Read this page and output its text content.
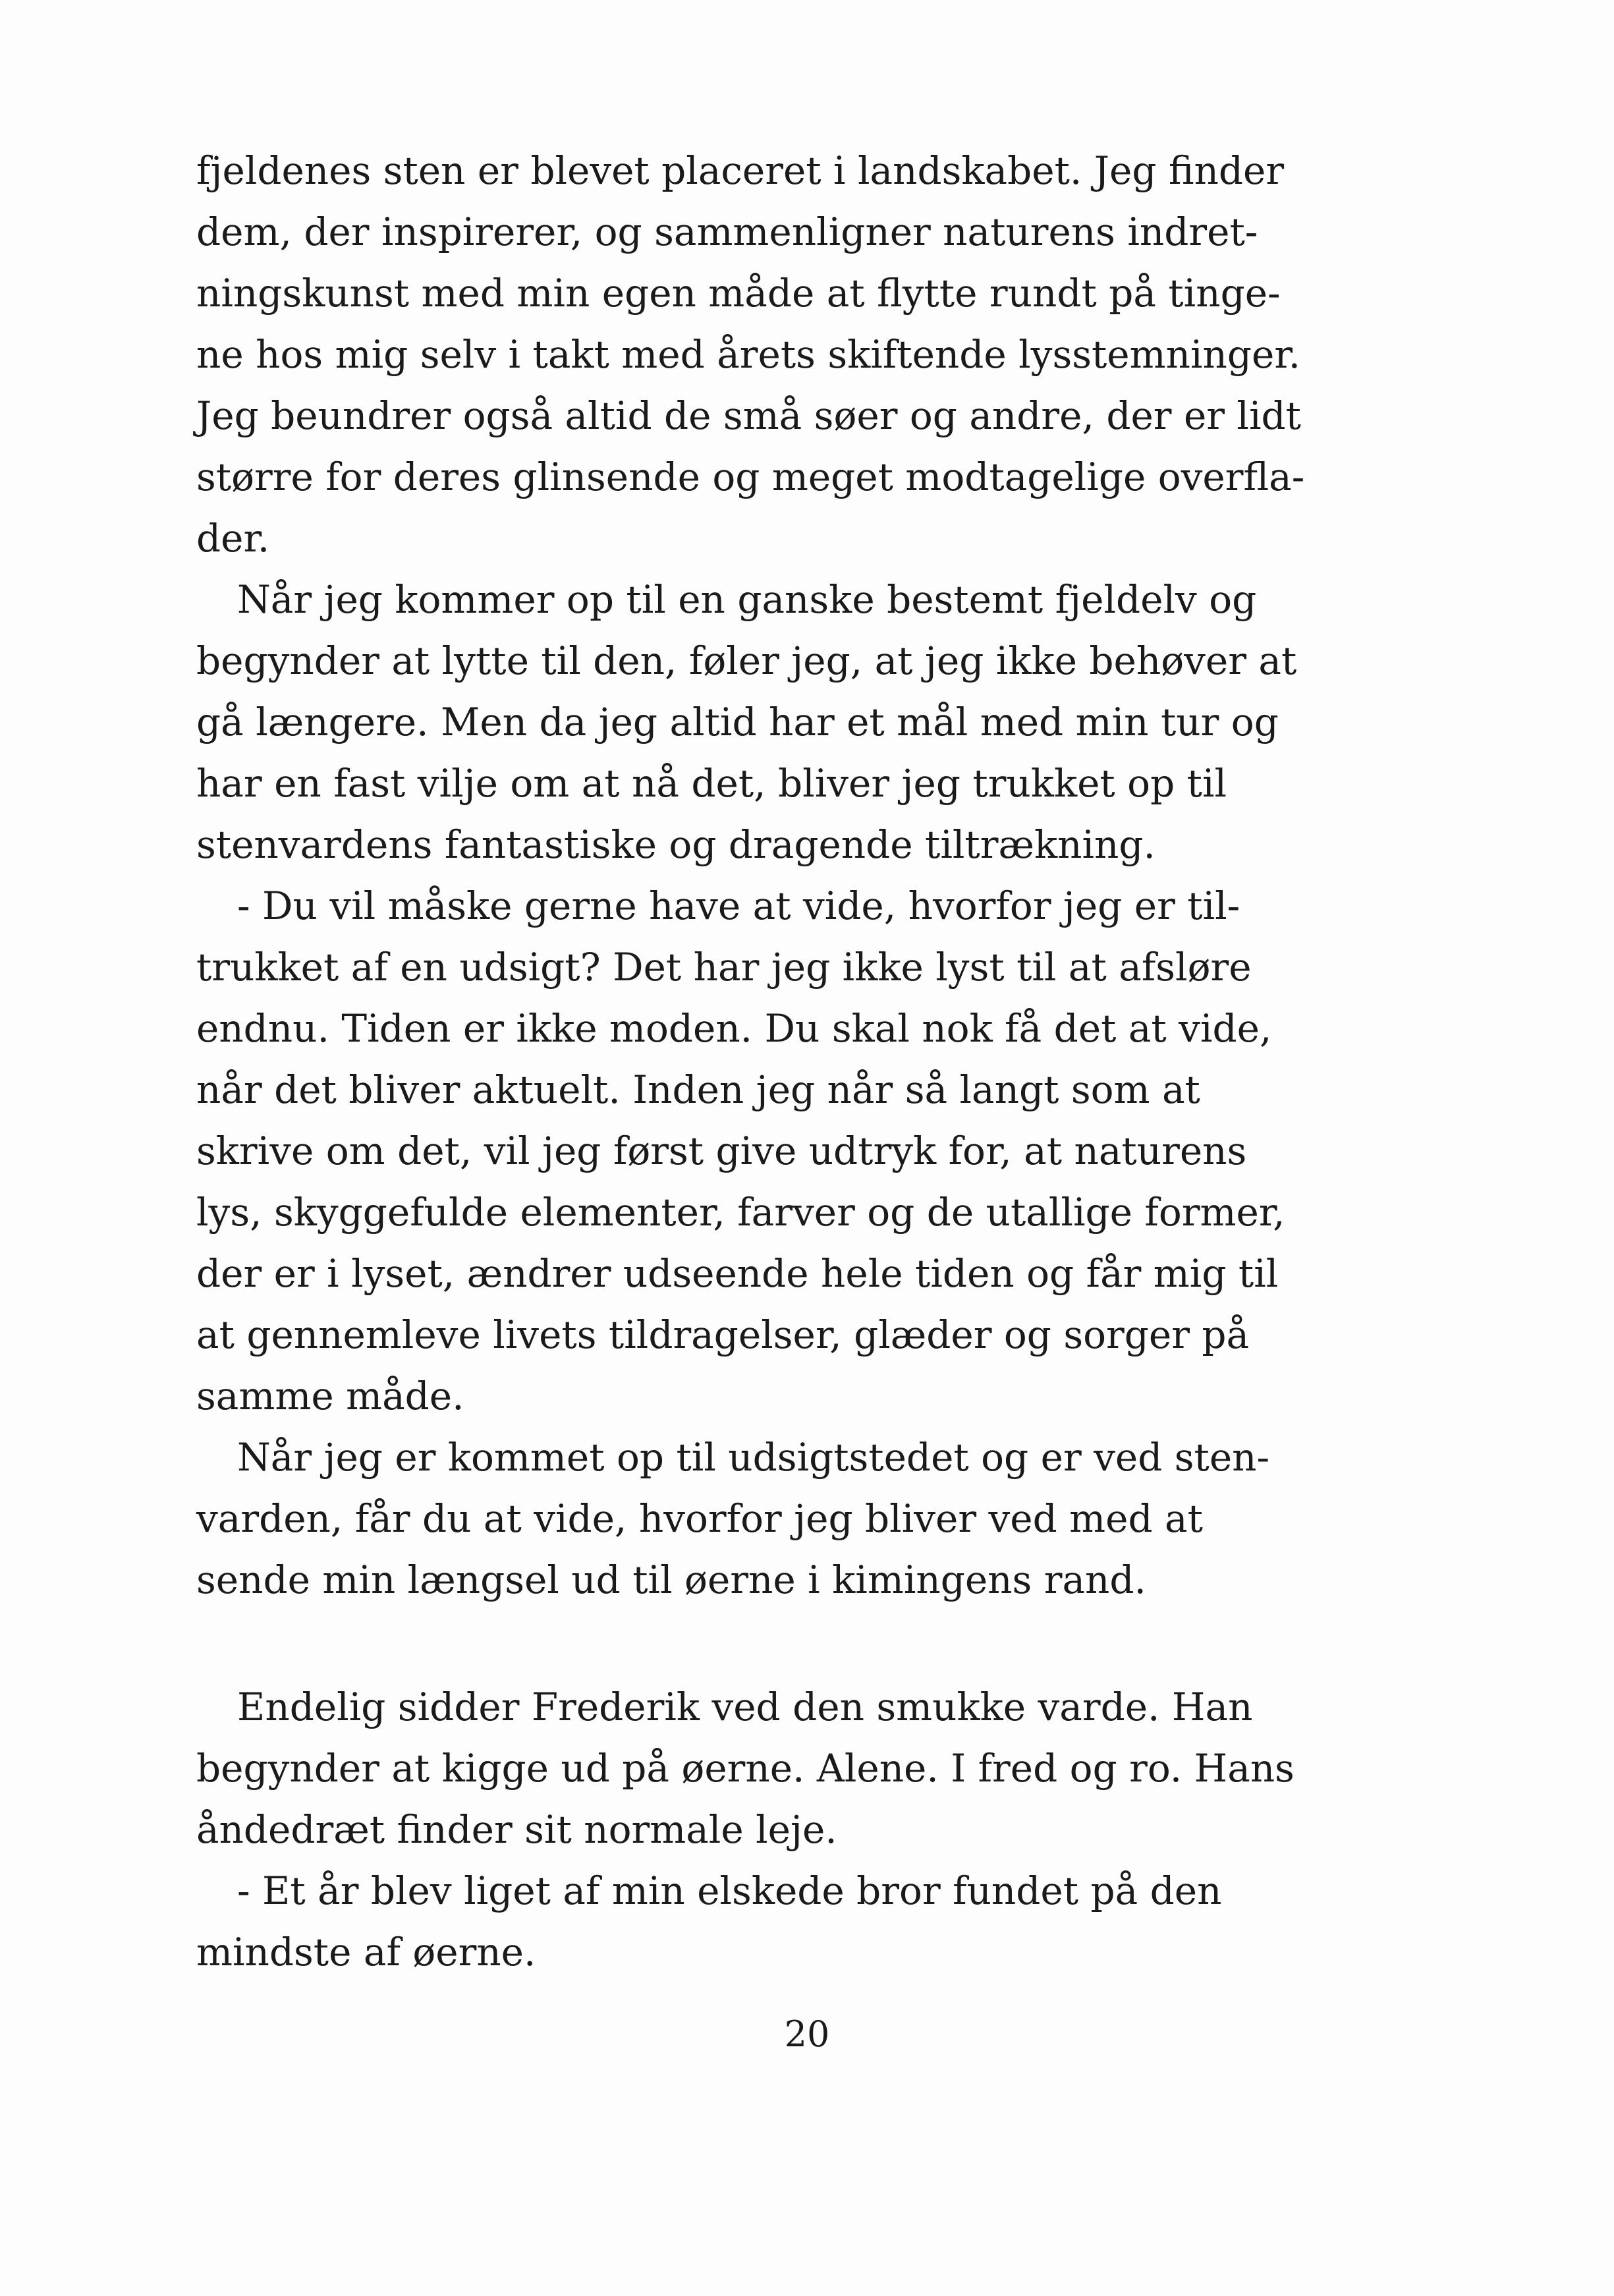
fjeldenes sten er blevet placeret i landskabet. Jeg finder

dem, der inspirerer, og sammenligner naturens indret-

ningskunst med min egen måde at flytte rundt på tinge-

ne hos mig selv i takt med årets skiftende lysstemninger.

Jeg beundrer også altid de små søer og andre, der er lidt

større for deres glinsende og meget modtagelige overfla-

der.

Når jeg kommer op til en ganske bestemt fjeldelv og

begynder at lytte til den, føler jeg, at jeg ikke behøver at

gå længere. Men da jeg altid har et mål med min tur og

har en fast vilje om at nå det, bliver jeg trukket op til

stenvardens fantastiske og dragende tiltrækning.

- Du vil måske gerne have at vide, hvorfor jeg er til-

trukket af en udsigt? Det har jeg ikke lyst til at afsløre

endnu. Tiden er ikke moden. Du skal nok få det at vide,

når det bliver aktuelt. Inden jeg når så langt som at

skrive om det, vil jeg først give udtryk for, at naturens

lys, skyggefulde elementer, farver og de utallige former,

der er i lyset, ændrer udseende hele tiden og får mig til

at gennemleve livets tildragelser, glæder og sorger på

samme måde.

Når jeg er kommet op til udsigtstedet og er ved sten-

varden, får du at vide, hvorfor jeg bliver ved med at

sende min længsel ud til øerne i kimingens rand.

Endelig sidder Frederik ved den smukke varde. Han

begynder at kigge ud på øerne. Alene. I fred og ro. Hans

åndedræt finder sit normale leje.

- Et år blev liget af min elskede bror fundet på den

mindste af øerne.

20
